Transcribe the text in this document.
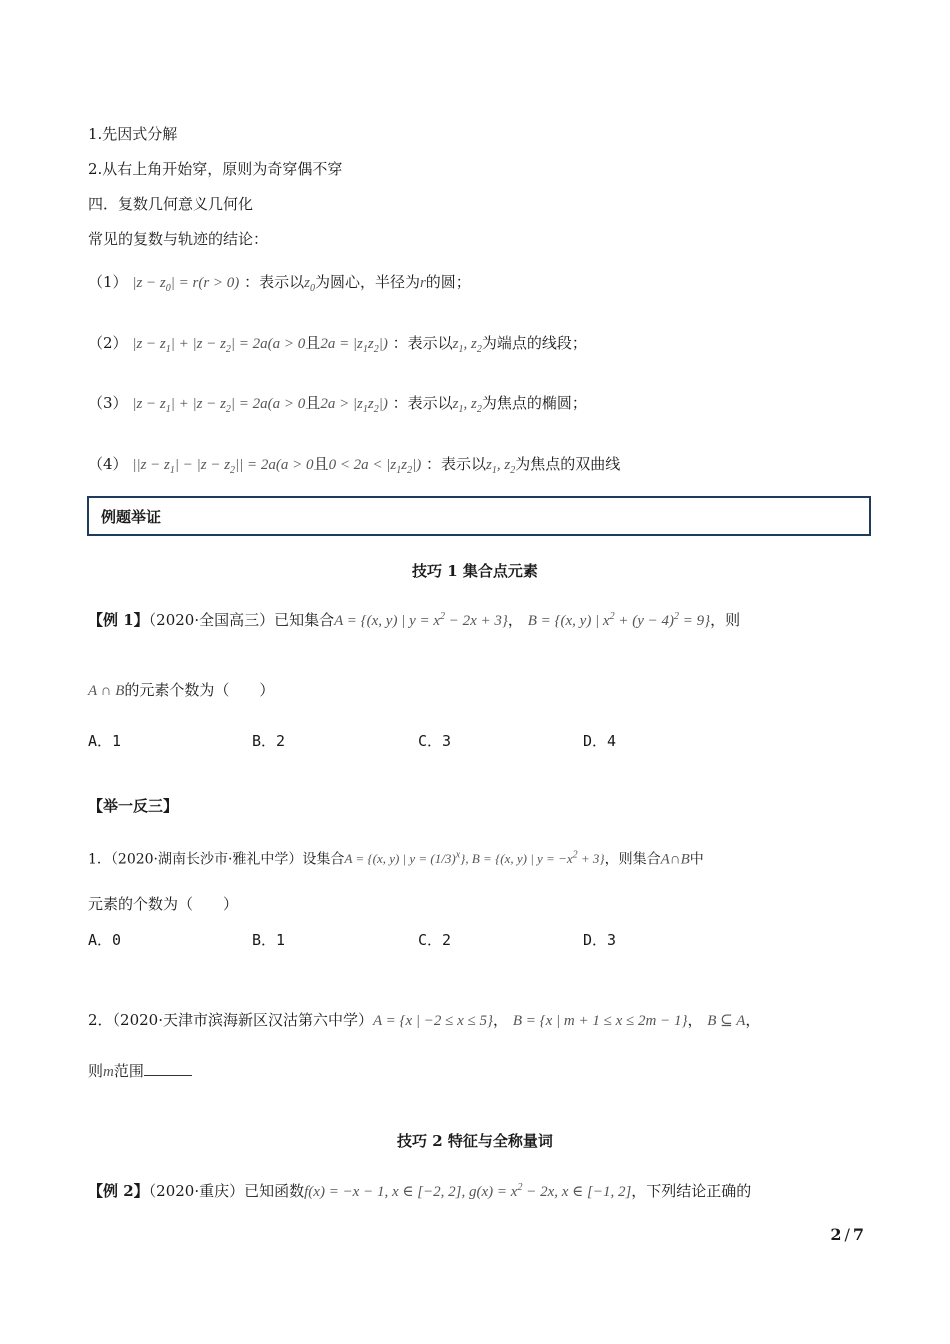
1.先因式分解
2.从右上角开始穿，原则为奇穿偶不穿
四．复数几何意义几何化
常见的复数与轨迹的结论：
（1） $|z - z_0| = r(r > 0)$ ：表示以$z_0$为圆心，半径为r的圆；
（2） $|z - z_1| + |z - z_2| = 2a(a > 0$且$2a = |z_1z_2|$) ：表示以$z_1$, $z_2$为端点的线段；
（3） $|z - z_1| + |z - z_2| = 2a(a > 0$且$2a > |z_1z_2|$) ：表示以$z_1$, $z_2$为焦点的椭圆；
（4） $||z - z_1| - |z - z_2|| = 2a(a > 0$且$0 < 2a < |z_1z_2|$) ：表示以$z_1$, $z_2$为焦点的双曲线
例题举证
技巧 1 集合点元素
【例 1】（2020·全国高三）已知集合A = {(x, y) | $y = x^2 - 2x + 3$}， B = {(x, y) | $x^2 + (y - 4)^2 = 9$}，则
A ∩ B的元素个数为（　　）
A．1	B．2	C．3	D．4
【举一反三】
1．（2020·湖南长沙市·雅礼中学）设集合A = {(x, y) | $y = (1/3)^x$}, B = {(x, y) | $y = -x^2 + 3$}，则集合A∩B中
元素的个数为（　　）
A．0	B．1	C．2	D．3
2．（2020·天津市滨海新区汉沽第六中学）A = {x | −2 ≤ x ≤ 5}， B = {x | m + 1 ≤ x ≤ 2m − 1}， B ⊆ A，
则m范围
技巧 2 特征与全称量词
【例 2】（2020·重庆）已知函数f(x) = −x − 1, x ∈ [−2, 2], $g(x) = x^2 - 2x$, x ∈ [−1, 2]，下列结论正确的
2 / 7
